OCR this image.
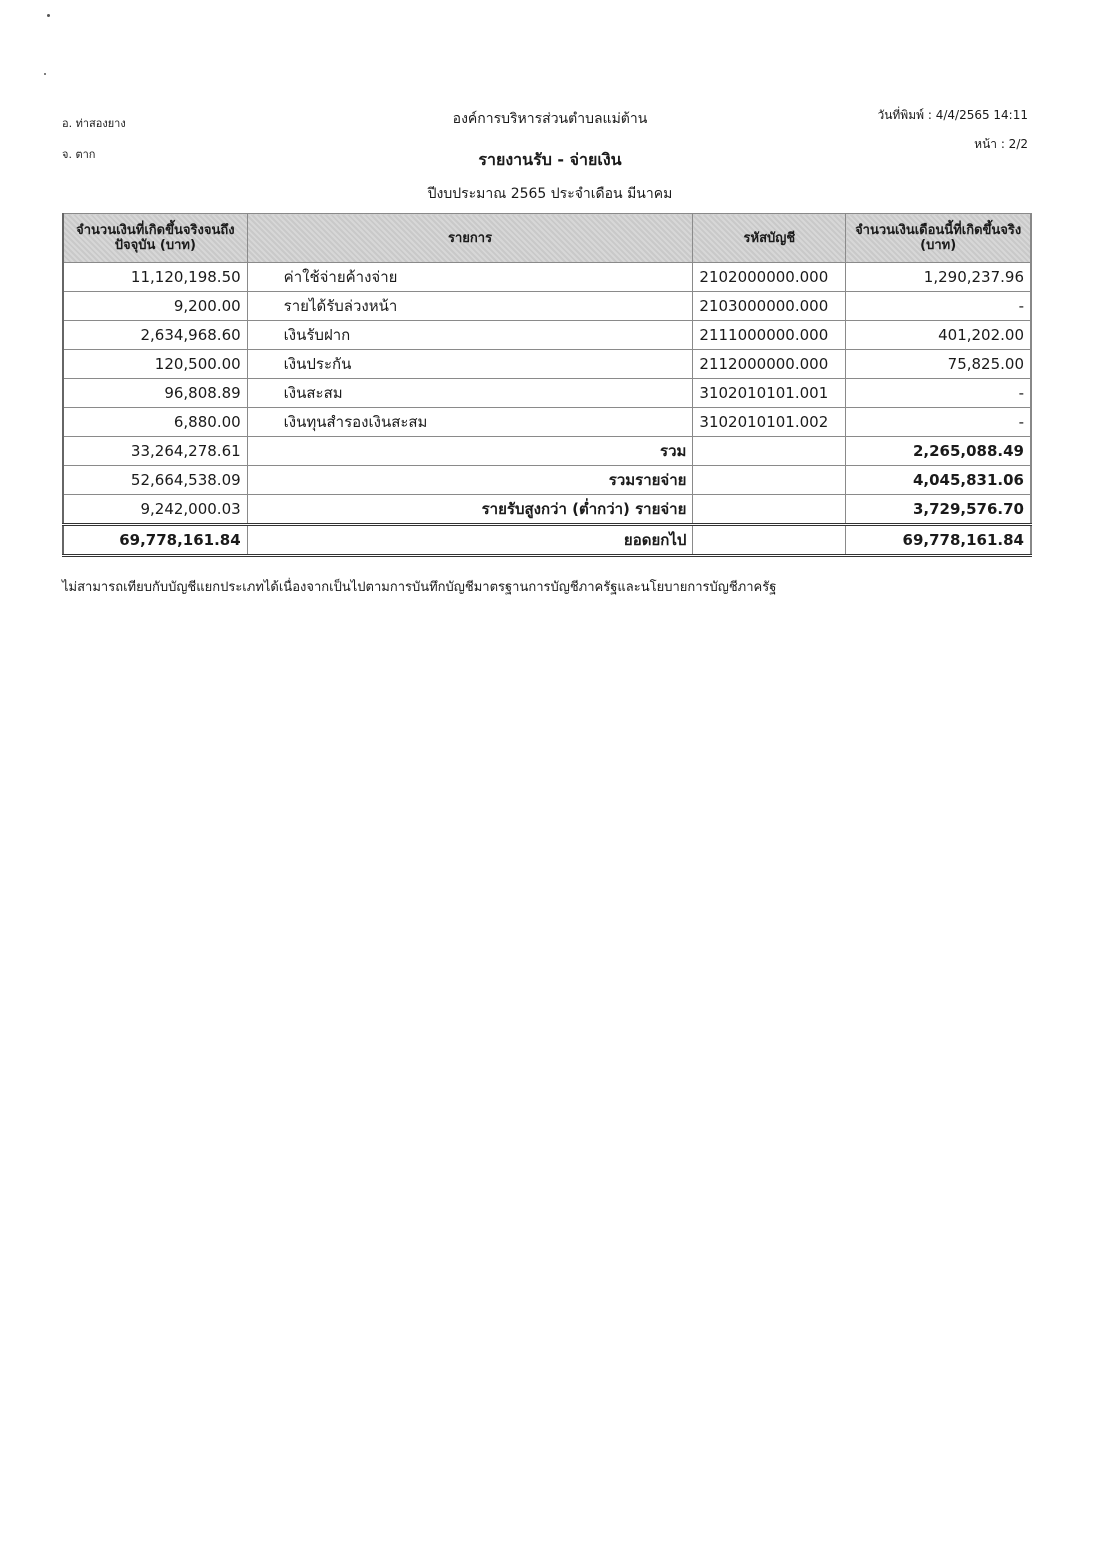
อ. ท่าสองยาง
จ. ตาก
องค์การบริหารส่วนตำบลแม่ต้าน
รายงานรับ - จ่ายเงิน
ปีงบประมาณ 2565 ประจำเดือน มีนาคม
วันที่พิมพ์ : 4/4/2565 14:11
หน้า : 2/2
จำนวนเงินที่เกิดขึ้นจริงจนถึงปัจจุบัน (บาท)	รายการ	รหัสบัญชี	จำนวนเงินเดือนนี้ที่เกิดขึ้นจริง (บาท)
11,120,198.50	ค่าใช้จ่ายค้างจ่าย	2102000000.000	1,290,237.96
9,200.00	รายได้รับล่วงหน้า	2103000000.000	-
2,634,968.60	เงินรับฝาก	2111000000.000	401,202.00
120,500.00	เงินประกัน	2112000000.000	75,825.00
96,808.89	เงินสะสม	3102010101.001	-
6,880.00	เงินทุนสำรองเงินสะสม	3102010101.002	-
33,264,278.61	รวม		2,265,088.49
52,664,538.09	รวมรายจ่าย		4,045,831.06
9,242,000.03	รายรับสูงกว่า (ต่ำกว่า) รายจ่าย		3,729,576.70
69,778,161.84	ยอดยกไป		69,778,161.84
ไม่สามารถเทียบกับบัญชีแยกประเภทได้เนื่องจากเป็นไปตามการบันทึกบัญชีมาตรฐานการบัญชีภาครัฐและนโยบายการบัญชีภาครัฐ
